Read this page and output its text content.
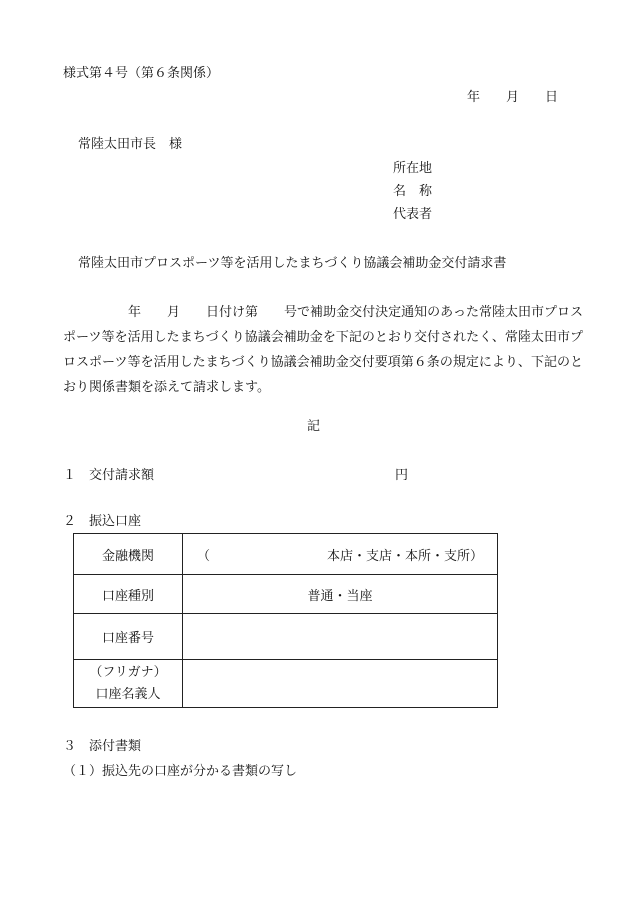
様式第４号（第６条関係）
年　　月　　日
常陸太田市長　様
所在地
名　称
代表者
常陸太田市プロスポーツ等を活用したまちづくり協議会補助金交付請求書
　　　　　年　　月　　日付け第　　号で補助金交付決定通知のあった常陸太田市プロスポーツ等を活用したまちづくり協議会補助金を下記のとおり交付されたく、常陸太田市プロスポーツ等を活用したまちづくり協議会補助金交付要項第６条の規定により、下記のとおり関係書類を添えて請求します。
記
１　交付請求額	円
２　振込口座
金融機関	（ 本店・支店・本所・支所）

口座種別	普通・当座
口座番号	

（フリガナ）
口座名義人	

３　添付書類
（１）振込先の口座が分かる書類の写し
